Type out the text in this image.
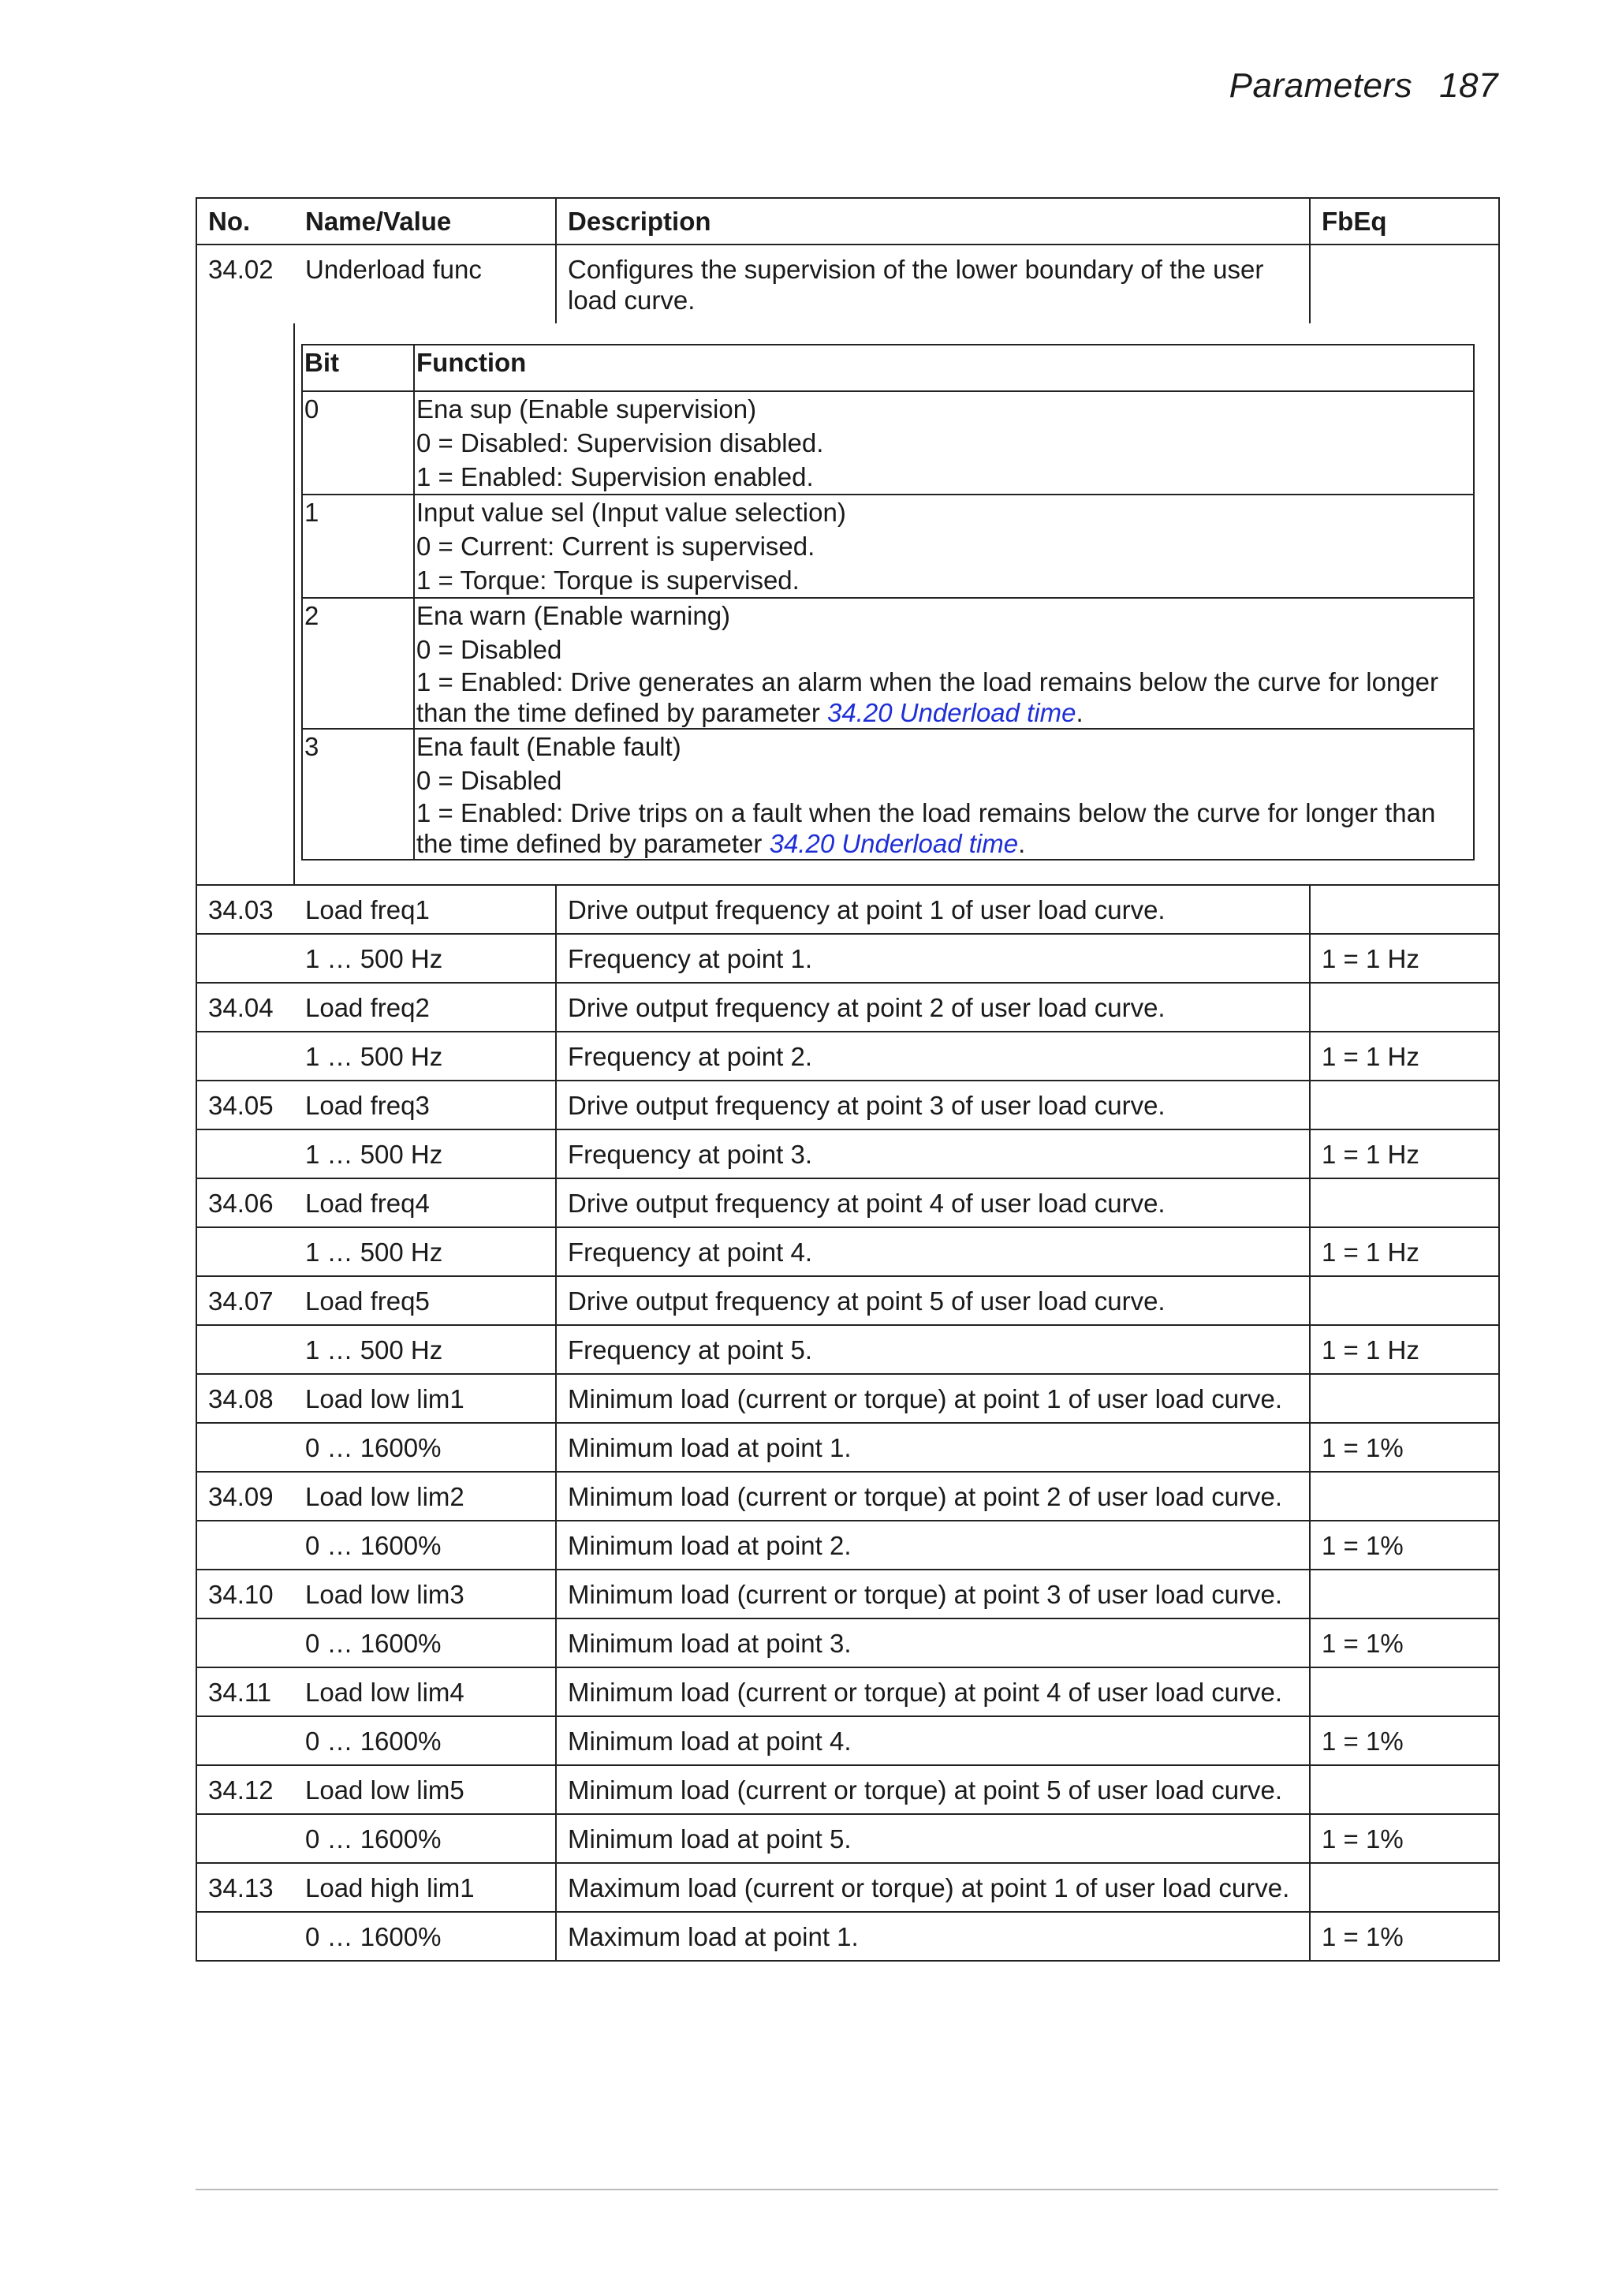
Parameters 187
No.	Name/Value	Description	FbEq
34.02	Underload func	Configures the supervision of the lower boundary of the user load curve.	

Bit	Function
0	Ena sup (Enable supervision)
0 = Disabled: Supervision disabled.
1 = Enabled: Supervision enabled.

1	Input value sel (Input value selection)
0 = Current: Current is supervised.
1 = Torque: Torque is supervised.

2	Ena warn (Enable warning)
0 = Disabled
1 = Enabled: Drive generates an alarm when the load remains below the curve for longer than the time defined by parameter 34.20 Underload time.

3	Ena fault (Enable fault)
0 = Disabled
1 = Enabled: Drive trips on a fault when the load remains below the curve for longer than the time defined by parameter 34.20 Underload time.

34.03	Load freq1	Drive output frequency at point 1 of user load curve.	
	1 … 500 Hz	Frequency at point 1.	1 = 1 Hz
34.04	Load freq2	Drive output frequency at point 2 of user load curve.	
	1 … 500 Hz	Frequency at point 2.	1 = 1 Hz
34.05	Load freq3	Drive output frequency at point 3 of user load curve.	
	1 … 500 Hz	Frequency at point 3.	1 = 1 Hz
34.06	Load freq4	Drive output frequency at point 4 of user load curve.	
	1 … 500 Hz	Frequency at point 4.	1 = 1 Hz
34.07	Load freq5	Drive output frequency at point 5 of user load curve.	
	1 … 500 Hz	Frequency at point 5.	1 = 1 Hz
34.08	Load low lim1	Minimum load (current or torque) at point 1 of user load curve.	
	0 … 1600%	Minimum load at point 1.	1 = 1%
34.09	Load low lim2	Minimum load (current or torque) at point 2 of user load curve.	
	0 … 1600%	Minimum load at point 2.	1 = 1%
34.10	Load low lim3	Minimum load (current or torque) at point 3 of user load curve.	
	0 … 1600%	Minimum load at point 3.	1 = 1%
34.11	Load low lim4	Minimum load (current or torque) at point 4 of user load curve.	
	0 … 1600%	Minimum load at point 4.	1 = 1%
34.12	Load low lim5	Minimum load (current or torque) at point 5 of user load curve.	
	0 … 1600%	Minimum load at point 5.	1 = 1%
34.13	Load high lim1	Maximum load (current or torque) at point 1 of user load curve.	
	0 … 1600%	Maximum load at point 1.	1 = 1%
